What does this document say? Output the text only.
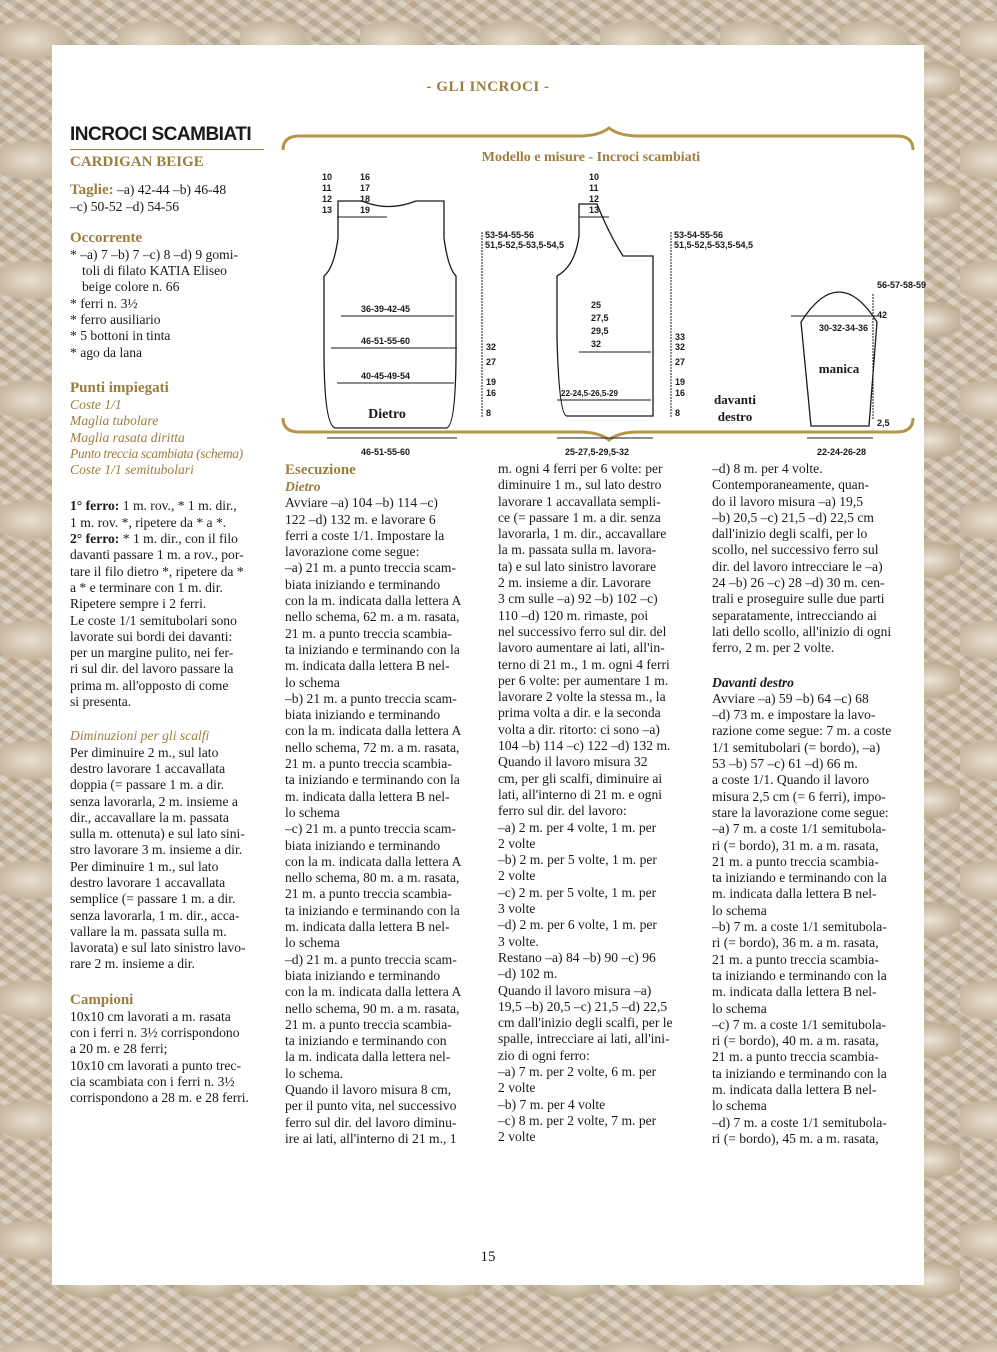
- GLI INCROCI -
INCROCI SCAMBIATI
CARDIGAN BEIGE
Taglie: –a) 42-44 –b) 46-48
–c) 50-52 –d) 54-56
Occorrente
* –a) 7 –b) 7 –c) 8 –d) 9 gomi-
toli di filato KATIA Eliseo
beige colore n. 66
* ferri n. 3½
* ferro ausiliario
* 5 bottoni in tinta
* ago da lana
Punti impiegati
Coste 1/1
Maglia tubolare
Maglia rasata diritta
Punto treccia scambiata (schema)
Coste 1/1 semitubolari
1° ferro: 1 m. rov., * 1 m. dir.,
1 m. rov. *, ripetere da * a *.
2° ferro: * 1 m. dir., con il filo
davanti passare 1 m. a rov., por-
tare il filo dietro *, ripetere da *
a * e terminare con 1 m. dir.
Ripetere sempre i 2 ferri.
Le coste 1/1 semitubolari sono
lavorate sui bordi dei davanti:
per un margine pulito, nei fer-
ri sul dir. del lavoro passare la
prima m. all'opposto di come
si presenta.
Diminuzioni per gli scalfi
Per diminuire 2 m., sul lato
destro lavorare 1 accavallata
doppia (= passare 1 m. a dir.
senza lavorarla, 2 m. insieme a
dir., accavallare la m. passata
sulla m. ottenuta) e sul lato sini-
stro lavorare 3 m. insieme a dir.
Per diminuire 1 m., sul lato
destro lavorare 1 accavallata
semplice (= passare 1 m. a dir.
senza lavorarla, 1 m. dir., acca-
vallare la m. passata sulla m.
lavorata) e sul lato sinistro lavo-
rare 2 m. insieme a dir.
Campioni
10x10 cm lavorati a m. rasata
con i ferri n. 3½ corrispondono
a 20 m. e 28 ferri;
10x10 cm lavorati a punto trec-
cia scambiata con i ferri n. 3½
corrispondono a 28 m. e 28 ferri.
Modello e misure - Incroci scambiati
10
11
12
13
16
17
18
19
53-54-55-56
51,5-52,5-53,5-54,5
36-39-42-45
46-51-55-60
40-45-49-54
Dietro
46-51-55-60
32
27
19
16
8
10
11
12
13
53-54-55-56
51,5-52,5-53,5-54,5
25
27,5
29,5
32
22-24,5-26,5-29
25-27,5-29,5-32
33
32
27
19
16
8
davanti
destro
56-57-58-59
30-32-34-36
manica
42
2,5
22-24-26-28
Esecuzione
Dietro
Avviare –a) 104 –b) 114 –c)
122 –d) 132 m. e lavorare 6
ferri a coste 1/1. Impostare la
lavorazione come segue:
–a) 21 m. a punto treccia scam-
biata iniziando e terminando
con la m. indicata dalla lettera A
nello schema, 62 m. a m. rasata,
21 m. a punto treccia scambia-
ta iniziando e terminando con la
m. indicata dalla lettera B nel-
lo schema
–b) 21 m. a punto treccia scam-
biata iniziando e terminando
con la m. indicata dalla lettera A
nello schema, 72 m. a m. rasata,
21 m. a punto treccia scambia-
ta iniziando e terminando con la
m. indicata dalla lettera B nel-
lo schema
–c) 21 m. a punto treccia scam-
biata iniziando e terminando
con la m. indicata dalla lettera A
nello schema, 80 m. a m. rasata,
21 m. a punto treccia scambia-
ta iniziando e terminando con la
m. indicata dalla lettera B nel-
lo schema
–d) 21 m. a punto treccia scam-
biata iniziando e terminando
con la m. indicata dalla lettera A
nello schema, 90 m. a m. rasata,
21 m. a punto treccia scambia-
ta iniziando e terminando con
la m. indicata dalla lettera nel-
lo schema.
Quando il lavoro misura 8 cm,
per il punto vita, nel successivo
ferro sul dir. del lavoro diminu-
ire ai lati, all'interno di 21 m., 1
m. ogni 4 ferri per 6 volte: per
diminuire 1 m., sul lato destro
lavorare 1 accavallata sempli-
ce (= passare 1 m. a dir. senza
lavorarla, 1 m. dir., accavallare
la m. passata sulla m. lavora-
ta) e sul lato sinistro lavorare
2 m. insieme a dir. Lavorare
3 cm sulle –a) 92 –b) 102 –c)
110 –d) 120 m. rimaste, poi
nel successivo ferro sul dir. del
lavoro aumentare ai lati, all'in-
terno di 21 m., 1 m. ogni 4 ferri
per 6 volte: per aumentare 1 m.
lavorare 2 volte la stessa m., la
prima volta a dir. e la seconda
volta a dir. ritorto: ci sono –a)
104 –b) 114 –c) 122 –d) 132 m.
Quando il lavoro misura 32
cm, per gli scalfi, diminuire ai
lati, all'interno di 21 m. e ogni
ferro sul dir. del lavoro:
–a) 2 m. per 4 volte, 1 m. per
2 volte
–b) 2 m. per 5 volte, 1 m. per
2 volte
–c) 2 m. per 5 volte, 1 m. per
3 volte
–d) 2 m. per 6 volte, 1 m. per
3 volte.
Restano –a) 84 –b) 90 –c) 96
–d) 102 m.
Quando il lavoro misura –a)
19,5 –b) 20,5 –c) 21,5 –d) 22,5
cm dall'inizio degli scalfi, per le
spalle, intrecciare ai lati, all'ini-
zio di ogni ferro:
–a) 7 m. per 2 volte, 6 m. per
2 volte
–b) 7 m. per 4 volte
–c) 8 m. per 2 volte, 7 m. per
2 volte
–d) 8 m. per 4 volte.
Contemporaneamente, quan-
do il lavoro misura –a) 19,5
–b) 20,5 –c) 21,5 –d) 22,5 cm
dall'inizio degli scalfi, per lo
scollo, nel successivo ferro sul
dir. del lavoro intrecciare le –a)
24 –b) 26 –c) 28 –d) 30 m. cen-
trali e proseguire sulle due parti
separatamente, intrecciando ai
lati dello scollo, all'inizio di ogni
ferro, 2 m. per 2 volte.
Davanti destro
Avviare –a) 59 –b) 64 –c) 68
–d) 73 m. e impostare la lavo-
razione come segue: 7 m. a coste
1/1 semitubolari (= bordo), –a)
53 –b) 57 –c) 61 –d) 66 m.
a coste 1/1. Quando il lavoro
misura 2,5 cm (= 6 ferri), impo-
stare la lavorazione come segue:
–a) 7 m. a coste 1/1 semitubola-
ri (= bordo), 31 m. a m. rasata,
21 m. a punto treccia scambia-
ta iniziando e terminando con la
m. indicata dalla lettera B nel-
lo schema
–b) 7 m. a coste 1/1 semitubola-
ri (= bordo), 36 m. a m. rasata,
21 m. a punto treccia scambia-
ta iniziando e terminando con la
m. indicata dalla lettera B nel-
lo schema
–c) 7 m. a coste 1/1 semitubola-
ri (= bordo), 40 m. a m. rasata,
21 m. a punto treccia scambia-
ta iniziando e terminando con la
m. indicata dalla lettera B nel-
lo schema
–d) 7 m. a coste 1/1 semitubola-
ri (= bordo), 45 m. a m. rasata,
15
